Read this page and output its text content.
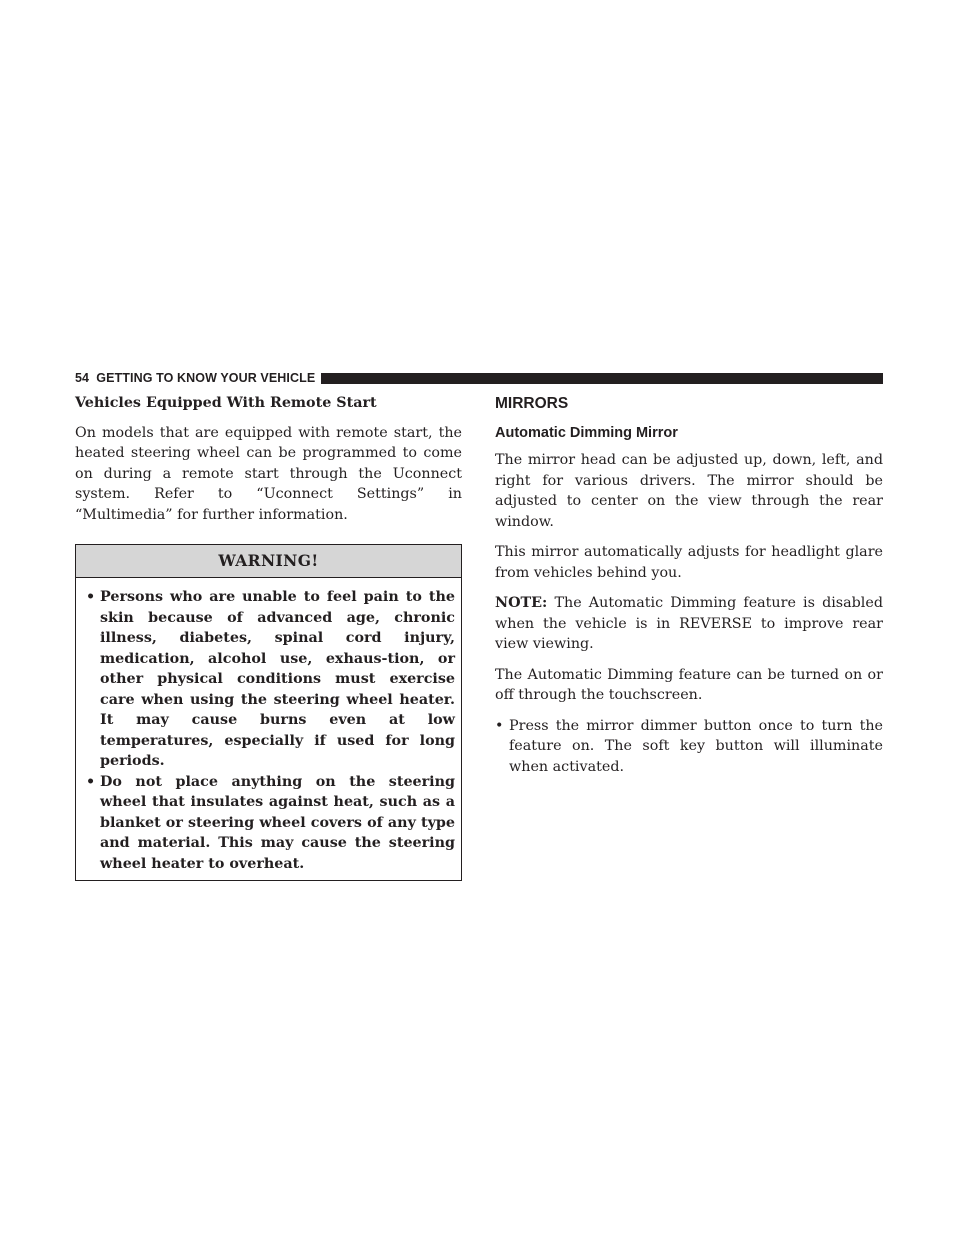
54 GETTING TO KNOW YOUR VEHICLE

Vehicles Equipped With Remote Start

On models that are equipped with remote start, the heated steering wheel can be programmed to come on during a remote start through the Uconnect system. Refer to “Uconnect Settings” in “Multimedia” for further information.

WARNING!
• Persons who are unable to feel pain to the skin because of advanced age, chronic illness, diabetes, spinal cord injury, medication, alcohol use, exhaus-tion, or other physical conditions must exercise care when using the steering wheel heater. It may cause burns even at low temperatures, especially if used for long periods.
• Do not place anything on the steering wheel that insulates against heat, such as a blanket or steering wheel covers of any type and material. This may cause the steering wheel heater to overheat.
MIRRORS
Automatic Dimming Mirror

The mirror head can be adjusted up, down, left, and right for various drivers. The mirror should be adjusted to center on the view through the rear window.

This mirror automatically adjusts for headlight glare from vehicles behind you.

NOTE: The Automatic Dimming feature is disabled when the vehicle is in REVERSE to improve rear view viewing.

The Automatic Dimming feature can be turned on or off through the touchscreen.

• Press the mirror dimmer button once to turn the feature on. The soft key button will illuminate when activated.
